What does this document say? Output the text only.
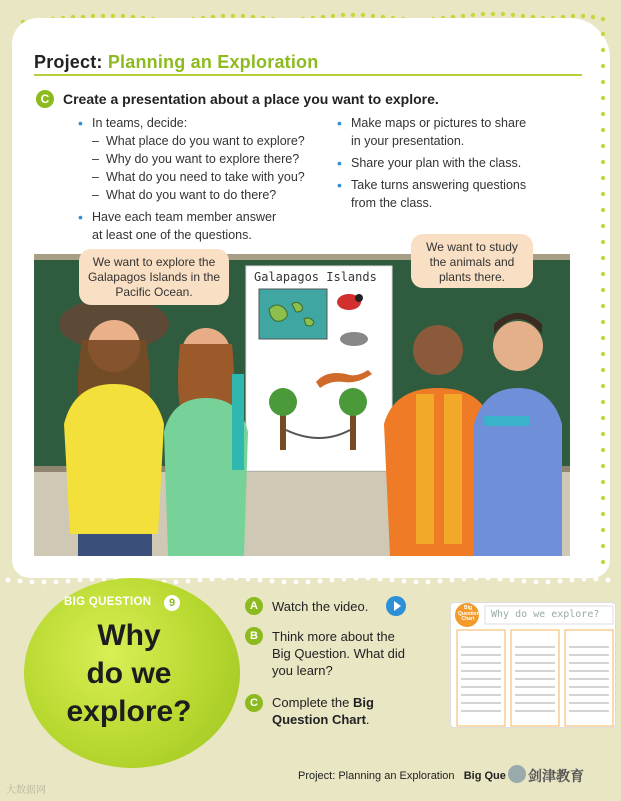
Project: Planning an Exploration
C Create a presentation about a place you want to explore.
• In teams, decide:
– What place do you want to explore?
– Why do you want to explore there?
– What do you need to take with you?
– What do you want to do there?
• Have each team member answer
at least one of the questions.
• Make maps or pictures to share
in your presentation.
• Share your plan with the class.
• Take turns answering questions
from the class.
We want to explore the Galapagos Islands in the Pacific Ocean.
We want to study the animals and plants there.
Galapagos Islands
BIG QUESTION	9
Why
do we
explore?
A	Watch the video.
B	Think more about the
Big Question. What did
you learn?
C	Complete the Big
Question Chart.
Big
Question
Chart	Why do we explore?
Project: Planning an Exploration Big Que
大数据网
剑津教育
